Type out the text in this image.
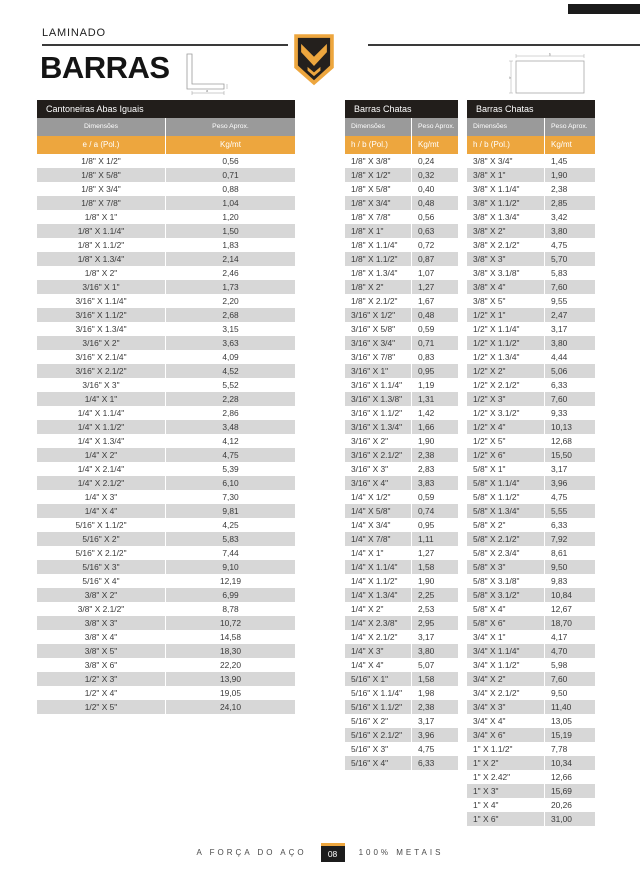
LAMINADO
BARRAS
a
b
h
Cantoneiras Abas Iguais
Dimensões	Peso Aprox.
e / a (Pol.)	Kg/mt
1/8" X 1/2"	0,56
1/8" X 5/8"	0,71
1/8" X 3/4"	0,88
1/8" X 7/8"	1,04
1/8" X 1"	1,20
1/8" X 1.1/4"	1,50
1/8" X 1.1/2"	1,83
1/8" X 1.3/4"	2,14
1/8" X 2"	2,46
3/16" X 1"	1,73
3/16" X 1.1/4"	2,20
3/16" X 1.1/2"	2,68
3/16" X 1.3/4"	3,15
3/16" X 2"	3,63
3/16" X 2.1/4"	4,09
3/16" X 2.1/2"	4,52
3/16" X 3"	5,52
1/4" X 1"	2,28
1/4" X 1.1/4"	2,86
1/4" X 1.1/2"	3,48
1/4" X 1.3/4"	4,12
1/4" X 2"	4,75
1/4" X 2.1/4"	5,39
1/4" X 2.1/2"	6,10
1/4" X 3"	7,30
1/4" X 4"	9,81
5/16" X 1.1/2"	4,25
5/16" X 2"	5,83
5/16" X 2.1/2"	7,44
5/16" X 3"	9,10
5/16" X 4"	12,19
3/8" X 2"	6,99
3/8" X 2.1/2"	8,78
3/8" X 3"	10,72
3/8" X 4"	14,58
3/8" X 5"	18,30
3/8" X 6"	22,20
1/2" X 3"	13,90
1/2" X 4"	19,05
1/2" X 5"	24,10
Barras Chatas
Dimensões	Peso Aprox.
h / b (Pol.)	Kg/mt
1/8" X 3/8"	0,24
1/8" X 1/2"	0,32
1/8" X 5/8"	0,40
1/8" X 3/4"	0,48
1/8" X 7/8"	0,56
1/8" X 1"	0,63
1/8" X 1.1/4"	0,72
1/8" X 1.1/2"	0,87
1/8" X 1.3/4"	1,07
1/8" X 2"	1,27
1/8" X 2.1/2"	1,67
3/16" X 1/2"	0,48
3/16" X 5/8"	0,59
3/16" X 3/4"	0,71
3/16" X 7/8"	0,83
3/16" X 1"	0,95
3/16" X 1.1/4"	1,19
3/16" X 1.3/8"	1,31
3/16" X 1.1/2"	1,42
3/16" X 1.3/4"	1,66
3/16" X 2"	1,90
3/16" X 2.1/2"	2,38
3/16" X 3"	2,83
3/16" X 4"	3,83
1/4" X 1/2"	0,59
1/4" X 5/8"	0,74
1/4" X 3/4"	0,95
1/4" X 7/8"	1,11
1/4" X 1"	1,27
1/4" X 1.1/4"	1,58
1/4" X 1.1/2"	1,90
1/4" X 1.3/4"	2,25
1/4" X 2"	2,53
1/4" X 2.3/8"	2,95
1/4" X 2.1/2"	3,17
1/4" X 3"	3,80
1/4" X 4"	5,07
5/16" X 1"	1,58
5/16" X 1.1/4"	1,98
5/16" X 1.1/2"	2,38
5/16" X 2"	3,17
5/16" X 2.1/2"	3,96
5/16" X 3"	4,75
5/16" X 4"	6,33
Barras Chatas
Dimensões	Peso Aprox.
h / b (Pol.)	Kg/mt
3/8" X 3/4"	1,45
3/8" X 1"	1,90
3/8" X 1.1/4"	2,38
3/8" X 1.1/2"	2,85
3/8" X 1.3/4"	3,42
3/8" X 2"	3,80
3/8" X 2.1/2"	4,75
3/8" X 3"	5,70
3/8" X 3.1/8"	5,83
3/8" X 4"	7,60
3/8" X 5"	9,55
1/2" X 1"	2,47
1/2" X 1.1/4"	3,17
1/2" X 1.1/2"	3,80
1/2" X 1.3/4"	4,44
1/2" X 2"	5,06
1/2" X 2.1/2"	6,33
1/2" X 3"	7,60
1/2" X 3.1/2"	9,33
1/2" X 4"	10,13
1/2" X 5"	12,68
1/2" X 6"	15,50
5/8" X 1"	3,17
5/8" X 1.1/4"	3,96
5/8" X 1.1/2"	4,75
5/8" X 1.3/4"	5,55
5/8" X 2"	6,33
5/8" X 2.1/2"	7,92
5/8" X 2.3/4"	8,61
5/8" X 3"	9,50
5/8" X 3.1/8"	9,83
5/8" X 3.1/2"	10,84
5/8" X 4"	12,67
5/8" X 6"	18,70
3/4" X 1"	4,17
3/4" X 1.1/4"	4,70
3/4" X 1.1/2"	5,98
3/4" X 2"	7,60
3/4" X 2.1/2"	9,50
3/4" X 3"	11,40
3/4" X 4"	13,05
3/4" X 6"	15,19
1" X 1.1/2"	7,78
1" X 2"	10,34
1" X 2.42"	12,66
1" X 3"	15,69
1" X 4"	20,26
1" X 6"	31,00
A FORÇA DO AÇO	08	100% METAIS
